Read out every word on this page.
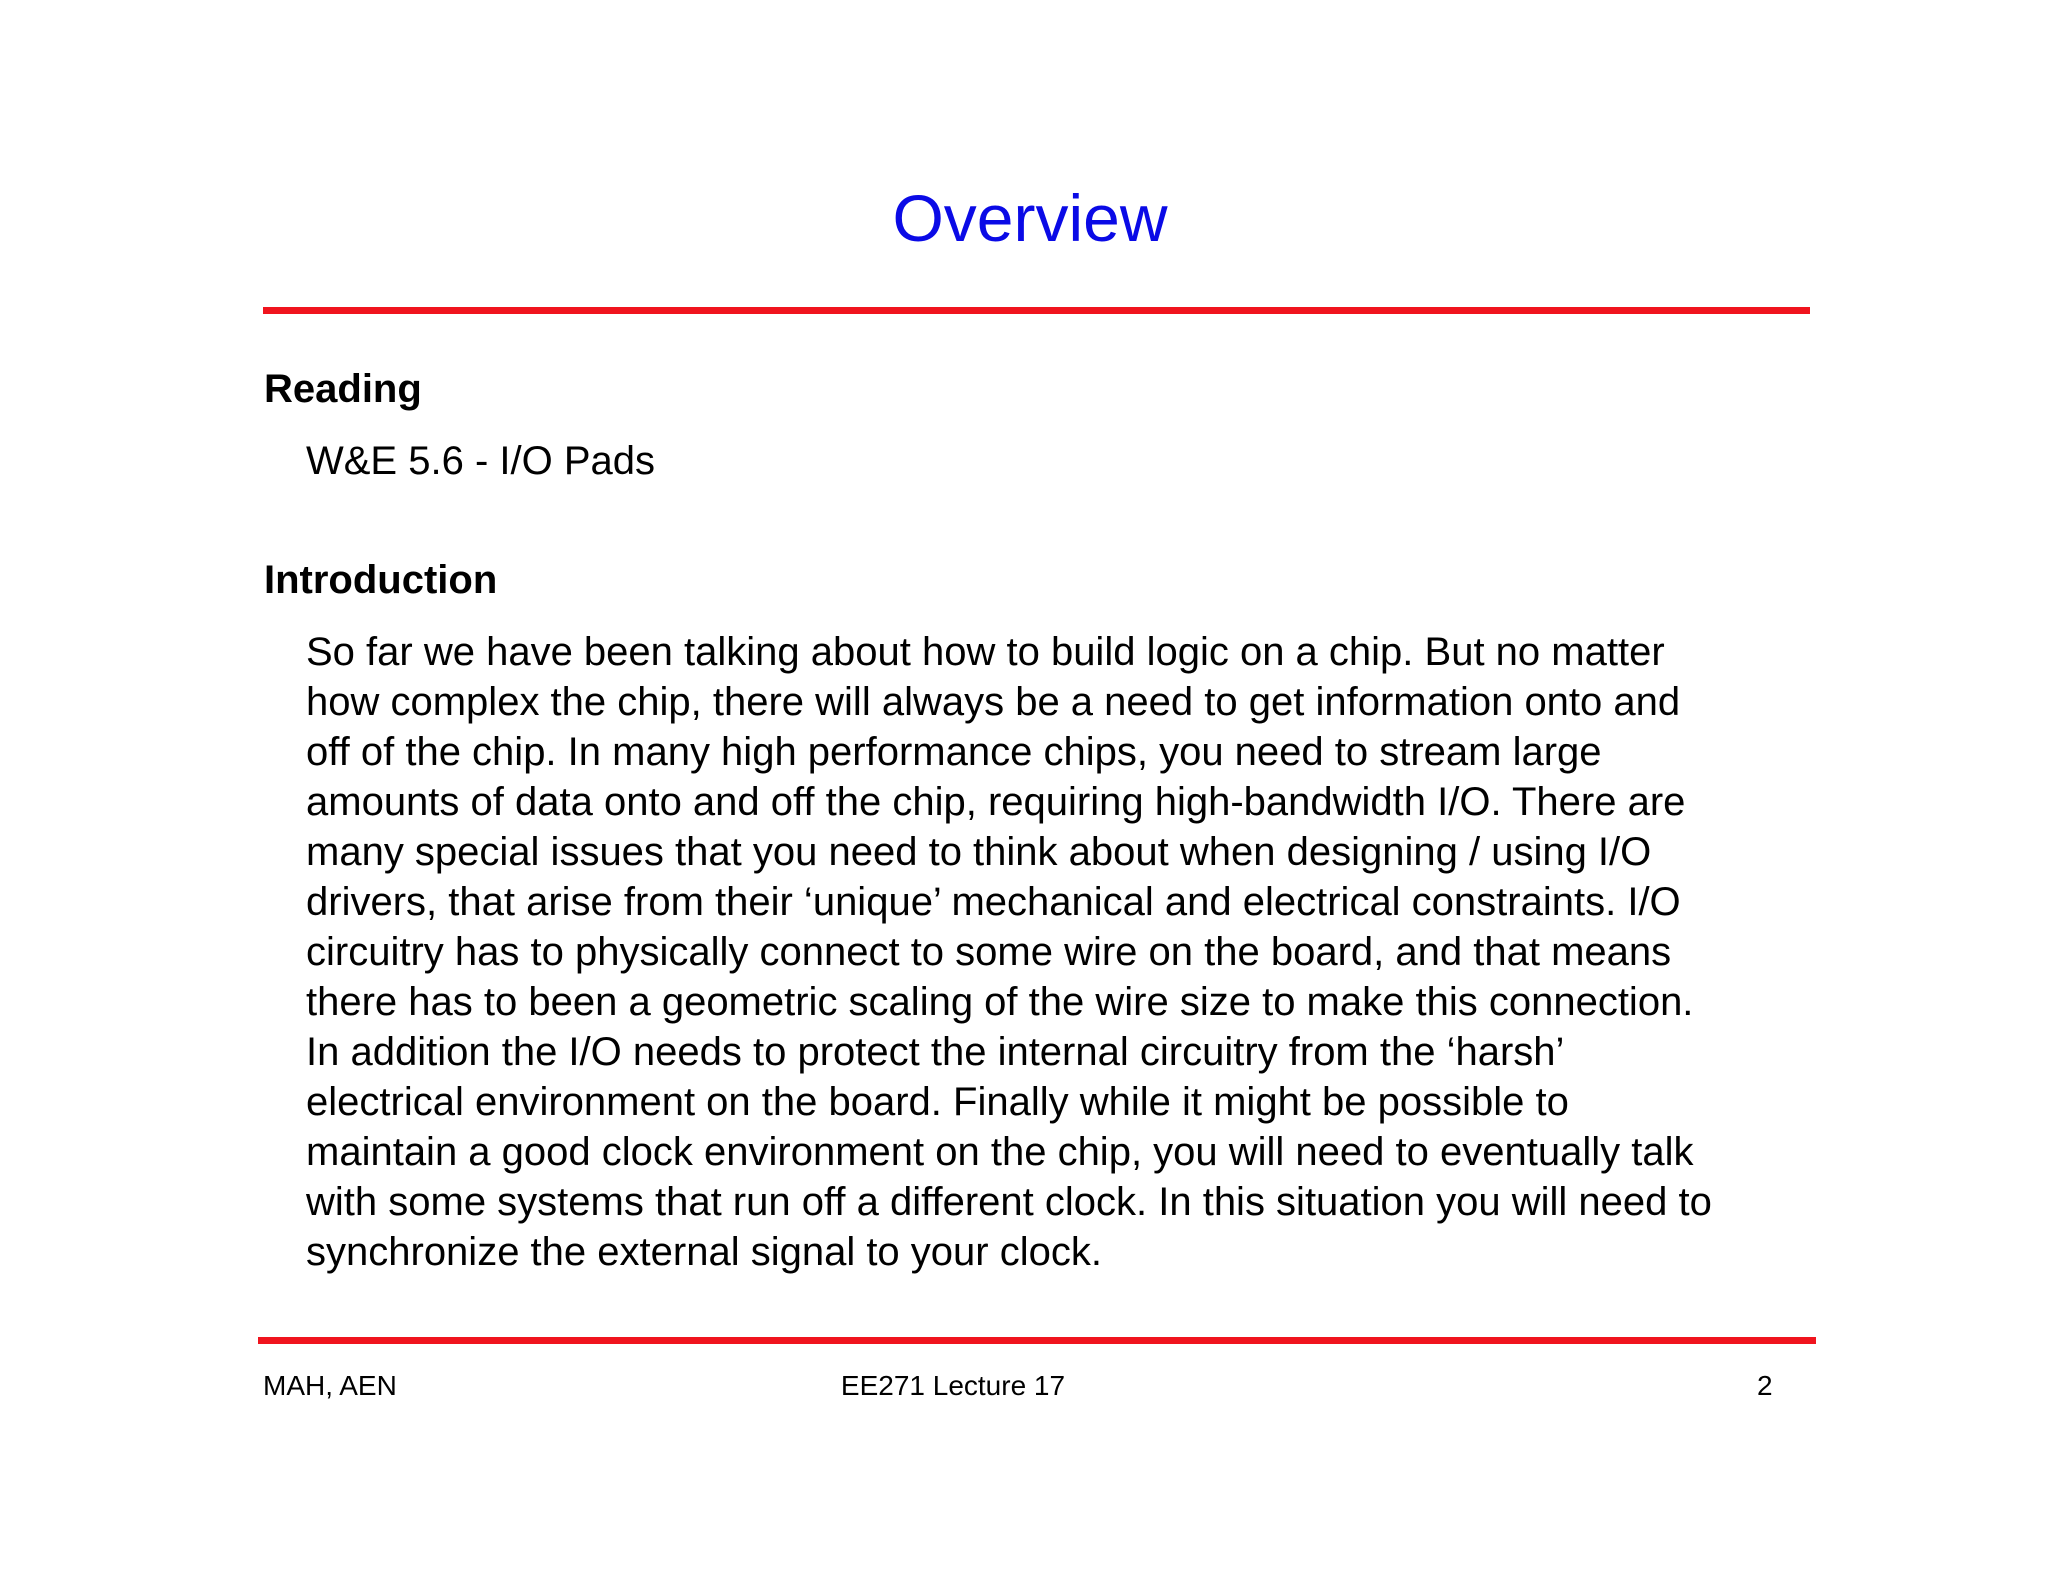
Overview
Reading
W&E 5.6 - I/O Pads
Introduction
So far we have been talking about how to build logic on a chip. But no matter
how complex the chip, there will always be a need to get information onto and
off of the chip. In many high performance chips, you need to stream large
amounts of data onto and off the chip, requiring high-bandwidth I/O. There are
many special issues that you need to think about when designing / using I/O
drivers, that arise from their ‘unique’ mechanical and electrical constraints. I/O
circuitry has to physically connect to some wire on the board, and that means
there has to been a geometric scaling of the wire size to make this connection.
In addition the I/O needs to protect the internal circuitry from the ‘harsh’
electrical environment on the board. Finally while it might be possible to
maintain a good clock environment on the chip, you will need to eventually talk
with some systems that run off a different clock. In this situation you will need to
synchronize the external signal to your clock.
MAH, AEN	EE271 Lecture 17	2
